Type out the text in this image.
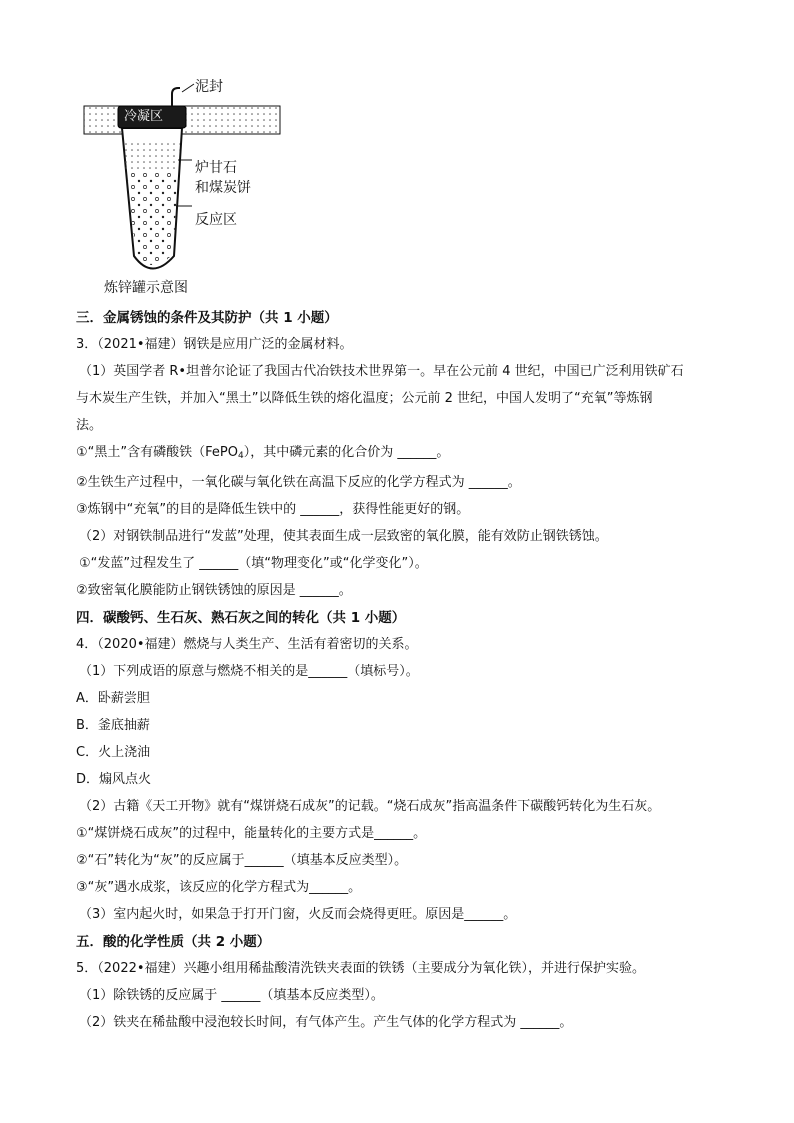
泥封
冷凝区
炉甘石
和煤炭饼
反应区
炼锌罐示意图
三．金属锈蚀的条件及其防护（共 1 小题）
3．（2021•福建）钢铁是应用广泛的金属材料。
（1）英国学者 R•坦普尔论证了我国古代冶铁技术世界第一。早在公元前 4 世纪，中国已广泛利用铁矿石
与木炭生产生铁，并加入“黑土”以降低生铁的熔化温度；公元前 2 世纪，中国人发明了“充氧”等炼钢
法。
①“黑土”含有磷酸铁（FePO4），其中磷元素的化合价为 ______。
②生铁生产过程中，一氧化碳与氧化铁在高温下反应的化学方程式为 ______。
③炼钢中“充氧”的目的是降低生铁中的 ______，获得性能更好的钢。
（2）对钢铁制品进行“发蓝”处理，使其表面生成一层致密的氧化膜，能有效防止钢铁锈蚀。
①“发蓝”过程发生了 ______（填“物理变化”或“化学变化”）。
②致密氧化膜能防止钢铁锈蚀的原因是 ______。
四．碳酸钙、生石灰、熟石灰之间的转化（共 1 小题）
4．（2020•福建）燃烧与人类生产、生活有着密切的关系。
（1）下列成语的原意与燃烧不相关的是______（填标号）。
A．卧薪尝胆
B．釜底抽薪
C．火上浇油
D．煽风点火
（2）古籍《天工开物》就有“煤饼烧石成灰”的记载。“烧石成灰”指高温条件下碳酸钙转化为生石灰。
①“煤饼烧石成灰”的过程中，能量转化的主要方式是______。
②“石”转化为“灰”的反应属于______（填基本反应类型）。
③“灰”遇水成浆，该反应的化学方程式为______。
（3）室内起火时，如果急于打开门窗，火反而会烧得更旺。原因是______。
五．酸的化学性质（共 2 小题）
5．（2022•福建）兴趣小组用稀盐酸清洗铁夹表面的铁锈（主要成分为氧化铁），并进行保护实验。
（1）除铁锈的反应属于 ______（填基本反应类型）。
（2）铁夹在稀盐酸中浸泡较长时间，有气体产生。产生气体的化学方程式为 ______。
